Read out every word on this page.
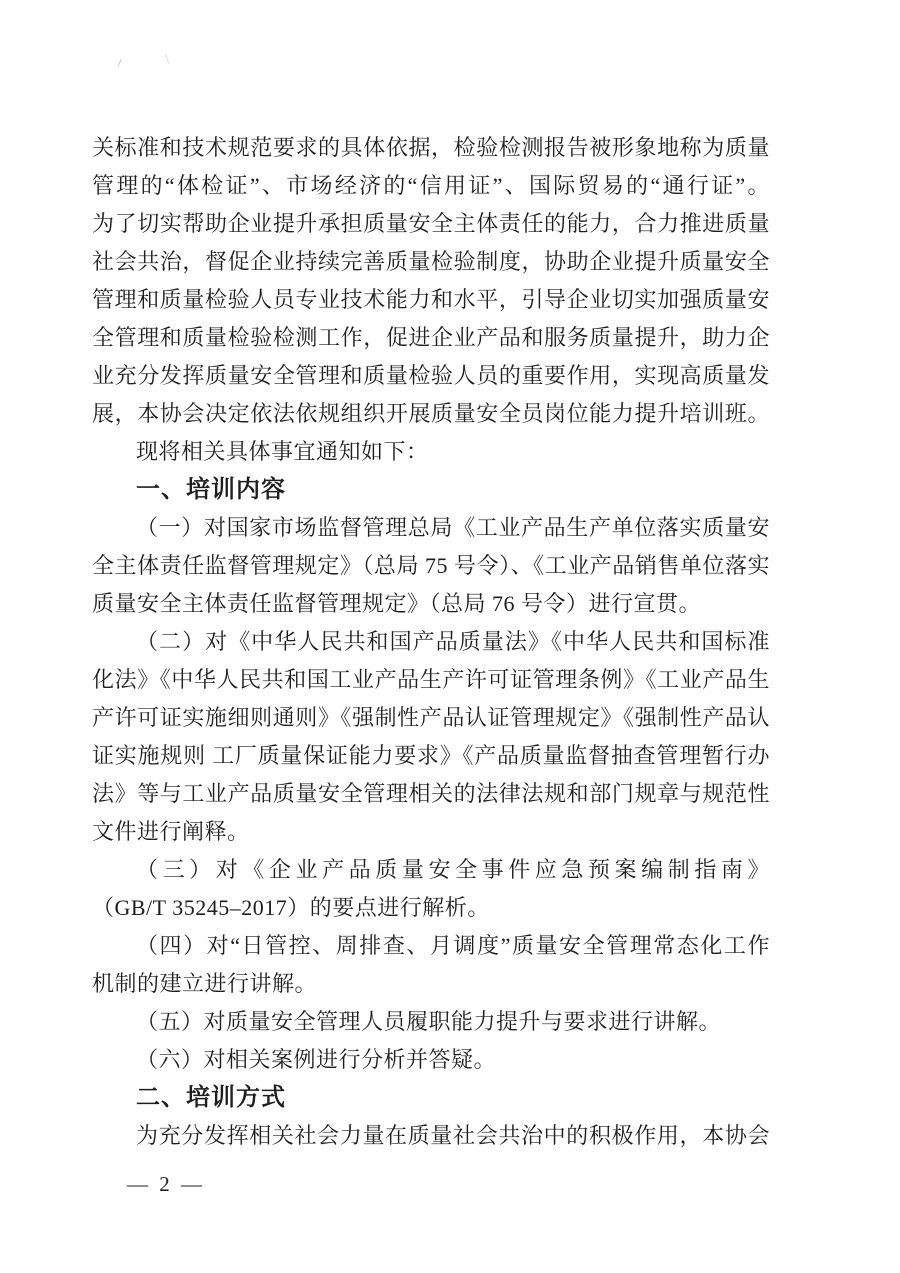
关标准和技术规范要求的具体依据，检验检测报告被形象地称为质量
管理的“体检证”、市场经济的“信用证”、国际贸易的“通行证”。
为了切实帮助企业提升承担质量安全主体责任的能力，合力推进质量
社会共治，督促企业持续完善质量检验制度，协助企业提升质量安全
管理和质量检验人员专业技术能力和水平，引导企业切实加强质量安
全管理和质量检验检测工作，促进企业产品和服务质量提升，助力企
业充分发挥质量安全管理和质量检验人员的重要作用，实现高质量发
展，本协会决定依法依规组织开展质量安全员岗位能力提升培训班。
现将相关具体事宜通知如下：
一、培训内容
（一）对国家市场监督管理总局《工业产品生产单位落实质量安
全主体责任监督管理规定》（总局 75 号令）、《工业产品销售单位落实
质量安全主体责任监督管理规定》（总局 76 号令）进行宣贯。
（二）对《中华人民共和国产品质量法》《中华人民共和国标准
化法》《中华人民共和国工业产品生产许可证管理条例》《工业产品生
产许可证实施细则通则》《强制性产品认证管理规定》《强制性产品认
证实施规则 工厂质量保证能力要求》《产品质量监督抽查管理暂行办
法》等与工业产品质量安全管理相关的法律法规和部门规章与规范性
文件进行阐释。
（三）对《企业产品质量安全事件应急预案编制指南》
（GB/T 35245–2017）的要点进行解析。
（四）对“日管控、周排查、月调度”质量安全管理常态化工作
机制的建立进行讲解。
（五）对质量安全管理人员履职能力提升与要求进行讲解。
（六）对相关案例进行分析并答疑。
二、培训方式
为充分发挥相关社会力量在质量社会共治中的积极作用，本协会
— 2 —
